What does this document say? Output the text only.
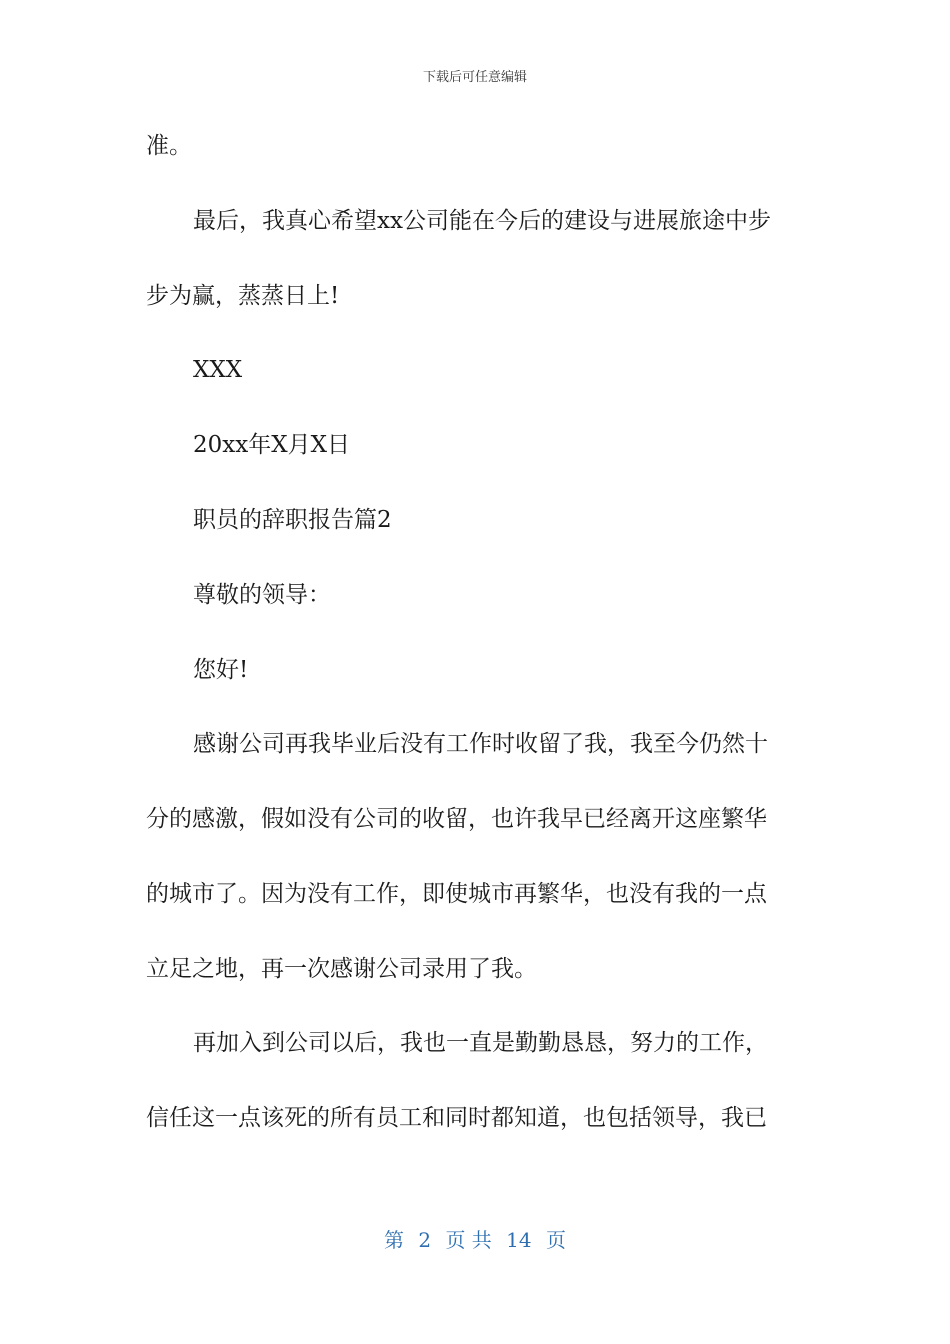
下载后可任意编辑
准。
最后，我真心希望xx公司能在今后的建设与进展旅途中步
步为赢，蒸蒸日上!
XXX
20xx年X月X日
职员的辞职报告篇2
尊敬的领导：
您好!
感谢公司再我毕业后没有工作时收留了我，我至今仍然十
分的感激，假如没有公司的收留，也许我早已经离开这座繁华
的城市了。因为没有工作，即使城市再繁华，也没有我的一点
立足之地，再一次感谢公司录用了我。
再加入到公司以后，我也一直是勤勤恳恳，努力的工作，
信任这一点该死的所有员工和同时都知道，也包括领导，我已
第 2 页 共 14 页
